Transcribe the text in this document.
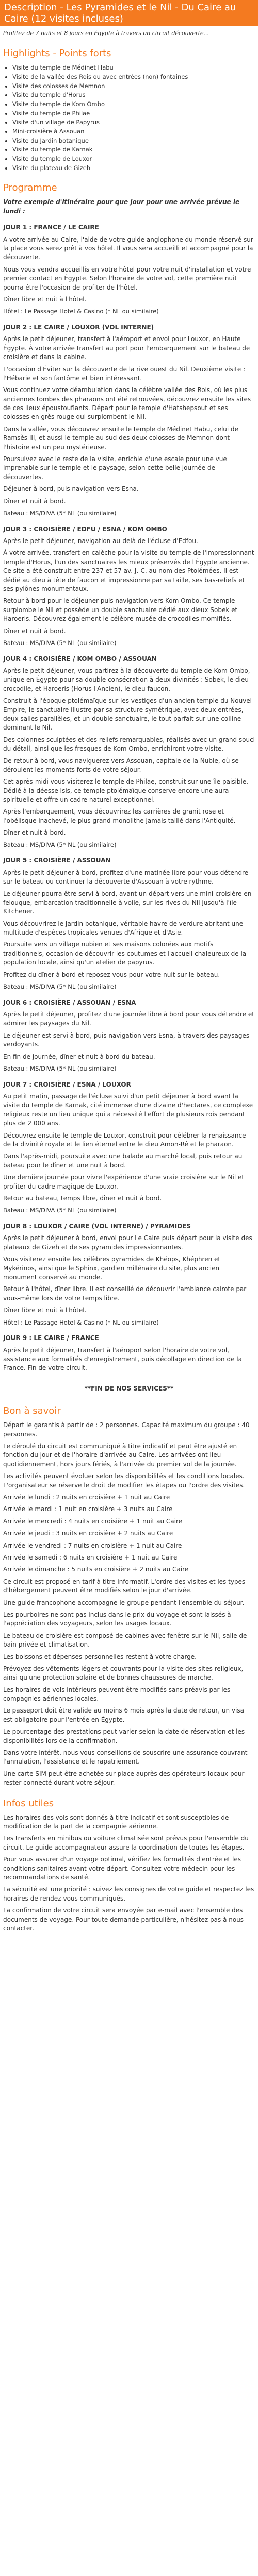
Description - Les Pyramides et le Nil - Du Caire au Caire (12 visites incluses)

Profitez de 7 nuits et 8 jours en Égypte à travers un circuit découverte...

Highlights - Points forts
• Visite du temple de Médinet Habu
• Visite de la vallée des Rois ou avec entrées (non) fontaines
• Visite des colosses de Memnon
• Visite du temple d'Horus
• Visite du temple de Kom Ombo
• Visite du temple de Philae
• Visite d'un village de Papyrus
• Mini-croisière à Assouan
• Visite du Jardin botanique
• Visite du temple de Karnak
• Visite du temple de Louxor
• Visite du plateau de Gizeh
Programme

Votre exemple d'itinéraire pour que jour pour une arrivée prévue le lundi :

JOUR 1 : FRANCE / LE CAIRE

A votre arrivée au Caire, l'aide de votre guide anglophone du monde réservé sur la place vous serez prêt à vos hôtel. Il vous sera accueilli et accompagné pour la découverte.

Nous vous vendra accueillis en votre hôtel pour votre nuit d'installation et votre premier contact en Égypte. Selon l'horaire de votre vol, cette première nuit pourra être l'occasion de profiter de l'hôtel.

Dîner libre et nuit à l'hôtel.

Hôtel : Le Passage Hotel & Casino (* NL ou similaire)

JOUR 2 : LE CAIRE / LOUXOR (VOL INTERNE)

Après le petit déjeuner, transfert à l'aéroport et envol pour Louxor, en Haute Égypte. À votre arrivée transfert au port pour l'embarquement sur le bateau de croisière et dans la cabine.

L'occasion d'Éviter sur la découverte de la rive ouest du Nil. Deuxième visite : l'Hébarie et son fantôme et bien intéressant.

Vous continuez votre déambulation dans la célèbre vallée des Rois, où les plus anciennes tombes des pharaons ont été retrouvées, découvrez ensuite les sites de ces lieux époustouflants. Départ pour le temple d'Hatshepsout et ses colosses en grès rouge qui surplombent le Nil.

Dans la vallée, vous découvrez ensuite le temple de Médinet Habu, celui de Ramsès III, et aussi le temple au sud des deux colosses de Memnon dont l'histoire est un peu mystérieuse.

Poursuivez avec le reste de la visite, enrichie d'une escale pour une vue imprenable sur le temple et le paysage, selon cette belle journée de découvertes.

Déjeuner à bord, puis navigation vers Esna.

Dîner et nuit à bord.

Bateau : MS/DIVA (5* NL (ou similaire)

JOUR 3 : CROISIÈRE / EDFU / ESNA / KOM OMBO

Après le petit déjeuner, navigation au-delà de l'écluse d'Edfou.

À votre arrivée, transfert en calèche pour la visite du temple de l'impressionnant temple d'Horus, l'un des sanctuaires les mieux préservés de l'Égypte ancienne. Ce site a été construit entre 237 et 57 av. J.-C. au nom des Ptolémées. Il est dédié au dieu à tête de faucon et impressionne par sa taille, ses bas-reliefs et ses pylônes monumentaux.

Retour à bord pour le déjeuner puis navigation vers Kom Ombo. Ce temple surplombe le Nil et possède un double sanctuaire dédié aux dieux Sobek et Haroeris. Découvrez également le célèbre musée de crocodiles momifiés.

Dîner et nuit à bord.

Bateau : MS/DIVA (5* NL (ou similaire)

JOUR 4 : CROISIÈRE / KOM OMBO / ASSOUAN

Après le petit déjeuner, vous partirez à la découverte du temple de Kom Ombo, unique en Égypte pour sa double consécration à deux divinités : Sobek, le dieu crocodile, et Haroeris (Horus l'Ancien), le dieu faucon.

Construit à l'époque ptolémaïque sur les vestiges d'un ancien temple du Nouvel Empire, le sanctuaire illustre par sa structure symétrique, avec deux entrées, deux salles parallèles, et un double sanctuaire, le tout parfait sur une colline dominant le Nil.

Des colonnes sculptées et des reliefs remarquables, réalisés avec un grand souci du détail, ainsi que les fresques de Kom Ombo, enrichiront votre visite.

De retour à bord, vous naviguerez vers Assouan, capitale de la Nubie, où se déroulent les moments forts de votre séjour.

Cet après-midi vous visiterez le temple de Philae, construit sur une île paisible. Dédié à la déesse Isis, ce temple ptolémaïque conserve encore une aura spirituelle et offre un cadre naturel exceptionnel.

Après l'embarquement, vous découvrirez les carrières de granit rose et l'obélisque inachevé, le plus grand monolithe jamais taillé dans l'Antiquité.

Dîner et nuit à bord.

Bateau : MS/DIVA (5* NL (ou similaire)

JOUR 5 : CROISIÈRE / ASSOUAN

Après le petit déjeuner à bord, profitez d'une matinée libre pour vous détendre sur le bateau ou continuer la découverte d'Assouan à votre rythme.

Le déjeuner pourra être servi à bord, avant un départ vers une mini-croisière en felouque, embarcation traditionnelle à voile, sur les rives du Nil jusqu'à l'île Kitchener.

Vous découvrirez le Jardin botanique, véritable havre de verdure abritant une multitude d'espèces tropicales venues d'Afrique et d'Asie.

Poursuite vers un village nubien et ses maisons colorées aux motifs traditionnels, occasion de découvrir les coutumes et l'accueil chaleureux de la population locale, ainsi qu'un atelier de papyrus.

Profitez du dîner à bord et reposez-vous pour votre nuit sur le bateau.

Bateau : MS/DIVA (5* NL (ou similaire)

JOUR 6 : CROISIÈRE / ASSOUAN / ESNA

Après le petit déjeuner, profitez d'une journée libre à bord pour vous détendre et admirer les paysages du Nil.

Le déjeuner est servi à bord, puis navigation vers Esna, à travers des paysages verdoyants.

En fin de journée, dîner et nuit à bord du bateau.

Bateau : MS/DIVA (5* NL (ou similaire)

JOUR 7 : CROISIÈRE / ESNA / LOUXOR

Au petit matin, passage de l'écluse suivi d'un petit déjeuner à bord avant la visite du temple de Karnak, cité immense d'une dizaine d'hectares, ce complexe religieux reste un lieu unique qui a nécessité l'effort de plusieurs rois pendant plus de 2 000 ans.

Découvrez ensuite le temple de Louxor, construit pour célébrer la renaissance de la divinité royale et le lien éternel entre le dieu Amon-Rê et le pharaon.

Dans l'après-midi, poursuite avec une balade au marché local, puis retour au bateau pour le dîner et une nuit à bord.

Une dernière journée pour vivre l'expérience d'une vraie croisière sur le Nil et profiter du cadre magique de Louxor.

Retour au bateau, temps libre, dîner et nuit à bord.

Bateau : MS/DIVA (5* NL (ou similaire)

JOUR 8 : LOUXOR / CAIRE (VOL INTERNE) / PYRAMIDES

Après le petit déjeuner à bord, envol pour Le Caire puis départ pour la visite des plateaux de Gizeh et de ses pyramides impressionnantes.

Vous visiterez ensuite les célèbres pyramides de Khéops, Khéphren et Mykérinos, ainsi que le Sphinx, gardien millénaire du site, plus ancien monument conservé au monde.

Retour à l'hôtel, dîner libre. Il est conseillé de découvrir l'ambiance cairote par vous-même lors de votre temps libre.

Dîner libre et nuit à l'hôtel.

Hôtel : Le Passage Hotel & Casino (* NL ou similaire)

JOUR 9 : LE CAIRE / FRANCE

Après le petit déjeuner, transfert à l'aéroport selon l'horaire de votre vol, assistance aux formalités d'enregistrement, puis décollage en direction de la France. Fin de votre circuit.

**FIN DE NOS SERVICES**
Bon à savoir

Départ le garantis à partir de : 2 personnes. Capacité maximum du groupe : 40 personnes.

Le déroulé du circuit est communiqué à titre indicatif et peut être ajusté en fonction du jour et de l'horaire d'arrivée au Caire. Les arrivées ont lieu quotidiennement, hors jours fériés, à l'arrivée du premier vol de la journée.

Les activités peuvent évoluer selon les disponibilités et les conditions locales. L'organisateur se réserve le droit de modifier les étapes ou l'ordre des visites.

Arrivée le lundi : 2 nuits en croisière + 1 nuit au Caire

Arrivée le mardi : 1 nuit en croisière + 3 nuits au Caire

Arrivée le mercredi : 4 nuits en croisière + 1 nuit au Caire

Arrivée le jeudi : 3 nuits en croisière + 2 nuits au Caire

Arrivée le vendredi : 7 nuits en croisière + 1 nuit au Caire

Arrivée le samedi : 6 nuits en croisière + 1 nuit au Caire

Arrivée le dimanche : 5 nuits en croisière + 2 nuits au Caire

Ce circuit est proposé en tarif à titre informatif. L'ordre des visites et les types d'hébergement peuvent être modifiés selon le jour d'arrivée.

Une guide francophone accompagne le groupe pendant l'ensemble du séjour.

Les pourboires ne sont pas inclus dans le prix du voyage et sont laissés à l'appréciation des voyageurs, selon les usages locaux.

Le bateau de croisière est composé de cabines avec fenêtre sur le Nil, salle de bain privée et climatisation.

Les boissons et dépenses personnelles restent à votre charge.

Prévoyez des vêtements légers et couvrants pour la visite des sites religieux, ainsi qu'une protection solaire et de bonnes chaussures de marche.

Les horaires de vols intérieurs peuvent être modifiés sans préavis par les compagnies aériennes locales.

Le passeport doit être valide au moins 6 mois après la date de retour, un visa est obligatoire pour l'entrée en Égypte.

Le pourcentage des prestations peut varier selon la date de réservation et les disponibilités lors de la confirmation.

Dans votre intérêt, nous vous conseillons de souscrire une assurance couvrant l'annulation, l'assistance et le rapatriement.

Une carte SIM peut être achetée sur place auprès des opérateurs locaux pour rester connecté durant votre séjour.

Infos utiles

Les horaires des vols sont donnés à titre indicatif et sont susceptibles de modification de la part de la compagnie aérienne.

Les transferts en minibus ou voiture climatisée sont prévus pour l'ensemble du circuit. Le guide accompagnateur assure la coordination de toutes les étapes.

Pour vous assurer d'un voyage optimal, vérifiez les formalités d'entrée et les conditions sanitaires avant votre départ. Consultez votre médecin pour les recommandations de santé.

La sécurité est une priorité : suivez les consignes de votre guide et respectez les horaires de rendez-vous communiqués.

La confirmation de votre circuit sera envoyée par e-mail avec l'ensemble des documents de voyage. Pour toute demande particulière, n'hésitez pas à nous contacter.
